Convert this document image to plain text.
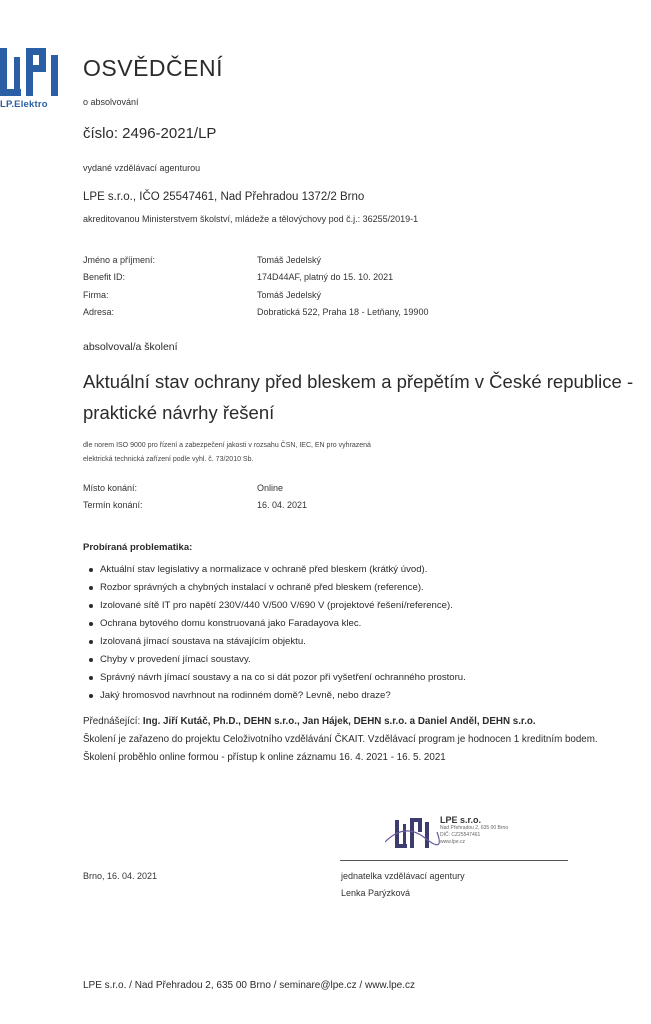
LP.Elektro
OSVĚDČENÍ
o absolvování
číslo: 2496-2021/LP
vydané vzdělávací agenturou
LPE s.r.o., IČO 25547461, Nad Přehradou 1372/2 Brno
akreditovanou Ministerstvem školství, mládeže a tělovýchovy pod č.j.: 36255/2019-1
Jméno a příjmení:	Tomáš Jedelský
Benefit ID:	174D44AF, platný do 15. 10. 2021
Firma:	Tomáš Jedelský
Adresa:	Dobratická 522, Praha 18 - Letňany, 19900
absolvoval/a školení
Aktuální stav ochrany před bleskem a přepětím v České republice -
praktické návrhy řešení
dle norem ISO 9000 pro řízení a zabezpečení jakosti v rozsahu ČSN, IEC, EN pro vyhrazená
elektrická technická zařízení podle vyhl. č. 73/2010 Sb.
Místo konání:	Online
Termín konání:	16. 04. 2021
Probíraná problematika:
Aktuální stav legislativy a normalizace v ochraně před bleskem (krátký úvod).
Rozbor správných a chybných instalací v ochraně před bleskem (reference).
Izolované sítě IT pro napětí 230V/440 V/500 V/690 V (projektové řešení/reference).
Ochrana bytového domu konstruovaná jako Faradayova klec.
Izolovaná jímací soustava na stávajícím objektu.
Chyby v provedení jímací soustavy.
Správný návrh jímací soustavy a na co si dát pozor při vyšetření ochranného prostoru.
Jaký hromosvod navrhnout na rodinném domě? Levně, nebo draze?
Přednášející: Ing. Jiří Kutáč, Ph.D., DEHN s.r.o., Jan Hájek, DEHN s.r.o. a Daniel Anděl, DEHN s.r.o.
Školení je zařazeno do projektu Celoživotního vzdělávání ČKAIT. Vzdělávací program je hodnocen 1 kreditním bodem.
Školení proběhlo online formou - přístup k online záznamu 16. 4. 2021 - 16. 5. 2021
LPE s.r.o.
Nad Přehradou 2, 635 00 Brno
DIČ: CZ25547461
www.lpe.cz
Brno, 16. 04. 2021	jednatelka vzdělávací agentury
Lenka Parýzková
LPE s.r.o. / Nad Přehradou 2, 635 00 Brno / seminare@lpe.cz / www.lpe.cz
